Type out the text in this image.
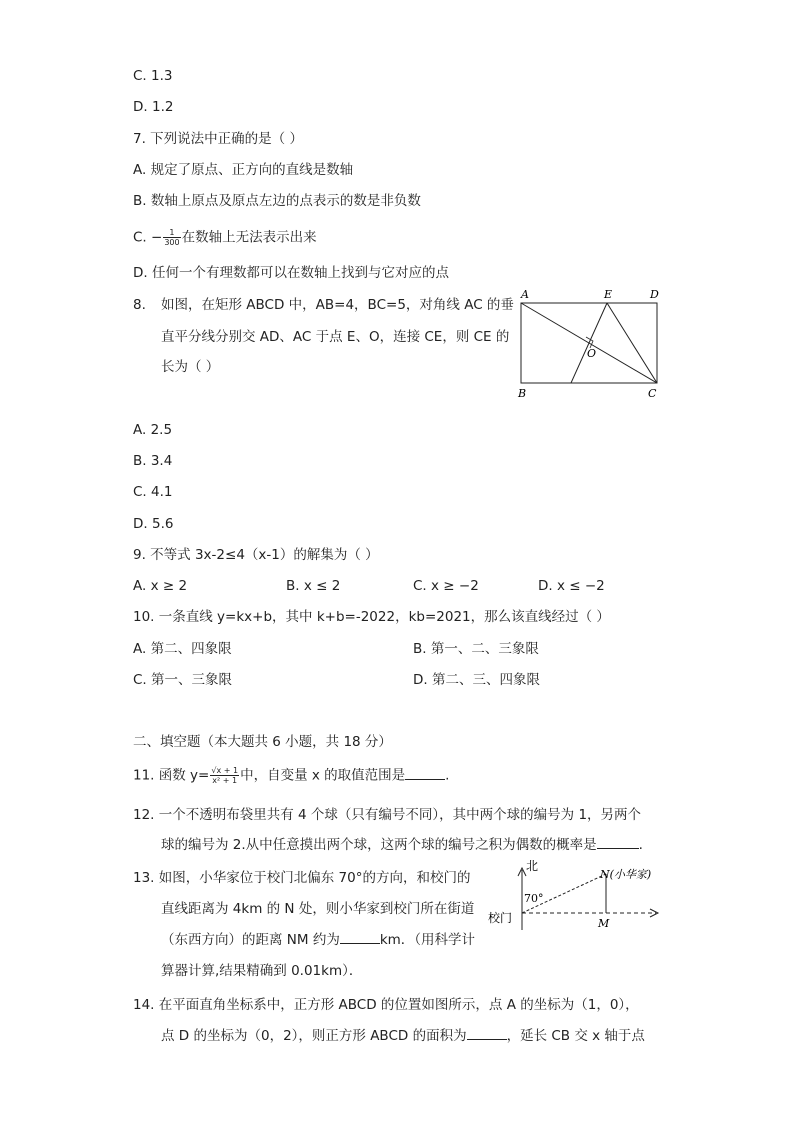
C. 1.3
D. 1.2
7. 下列说法中正确的是（ ）
A. 规定了原点、正方向的直线是数轴
B. 数轴上原点及原点左边的点表示的数是非负数
C. − $\frac{1}{300}$ 在数轴上无法表示出来
D. 任何一个有理数都可以在数轴上找到与它对应的点
8. 如图，在矩形 ABCD 中，AB=4，BC=5，对角线 AC 的垂
直平分线分别交 AD、AC 于点 E、O，连接 CE，则 CE 的
长为（ ）
A	E	D
O
B	C
A. 2.5
B. 3.4
C. 4.1
D. 5.6
9. 不等式 3x-2≤4（x-1）的解集为（ ）
A. x ≥ 2	B. x ≤ 2	C. x ≥ −2	D. x ≤ −2
10. 一条直线 y=kx+b，其中 k+b=-2022，kb=2021，那么该直线经过（ ）
A. 第二、四象限	B. 第一、二、三象限
C. 第一、三象限	D. 第二、三、四象限
二、填空题（本大题共 6 小题，共 18 分）
11. 函数 $y= \frac{√x + 1}{\text{x² + 1}}$ 中，自变量 x 的取值范围是	.
12. 一个不透明布袋里共有 4 个球（只有编号不同），其中两个球的编号为 1，另两个
球的编号为 2.从中任意摸出两个球，这两个球的编号之积为偶数的概率是	.
13. 如图，小华家位于校门北偏东 70°的方向，和校门的
直线距离为 4km 的 N 处，则小华家到校门所在街道
（东西方向）的距离 NM 约为	km．（用科学计
算器计算,结果精确到 0.01km）．
北
校门
70°
N(小华家)
M
14. 在平面直角坐标系中，正方形 ABCD 的位置如图所示，点 A 的坐标为（1，0），
点 D 的坐标为（0，2），则正方形 ABCD 的面积为	，延长 CB 交 x 轴于点
